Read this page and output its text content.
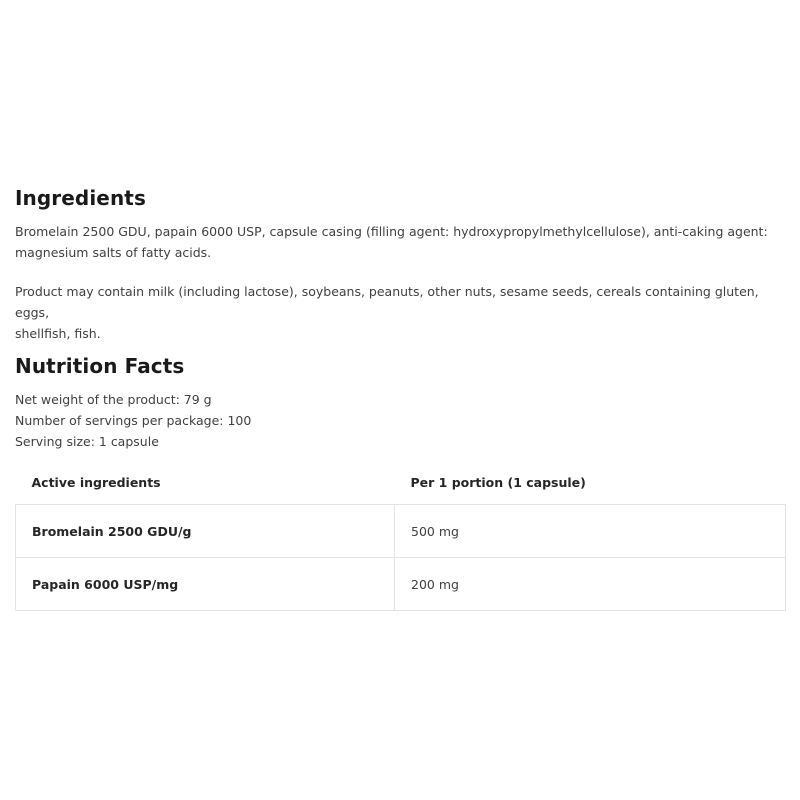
Ingredients

Bromelain 2500 GDU, papain 6000 USP, capsule casing (filling agent: hydroxypropylmethylcellulose), anti-caking agent:
magnesium salts of fatty acids.

Product may contain milk (including lactose), soybeans, peanuts, other nuts, sesame seeds, cereals containing gluten, eggs,
shellfish, fish.

Nutrition Facts

Net weight of the product: 79 g

Number of servings per package: 100

Serving size: 1 capsule

Active ingredients	Per 1 portion (1 capsule)
Bromelain 2500 GDU/g	500 mg
Papain 6000 USP/mg	200 mg
